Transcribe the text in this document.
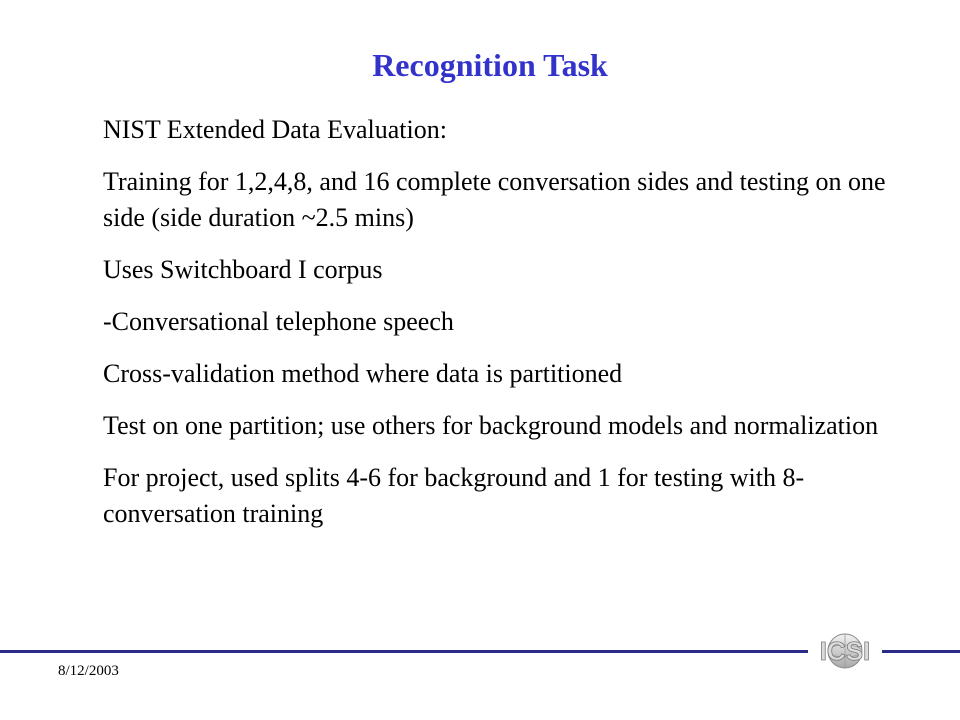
Recognition Task
NIST Extended Data Evaluation:
Training for 1,2,4,8, and 16 complete conversation sides and testing on one side (side duration ~2.5 mins)
Uses Switchboard I corpus
-Conversational telephone speech
Cross-validation method where data is partitioned
Test on one partition; use others for background models and normalization
For project, used splits 4-6 for background and 1 for testing with 8-conversation training
ICSI
8/12/2003
